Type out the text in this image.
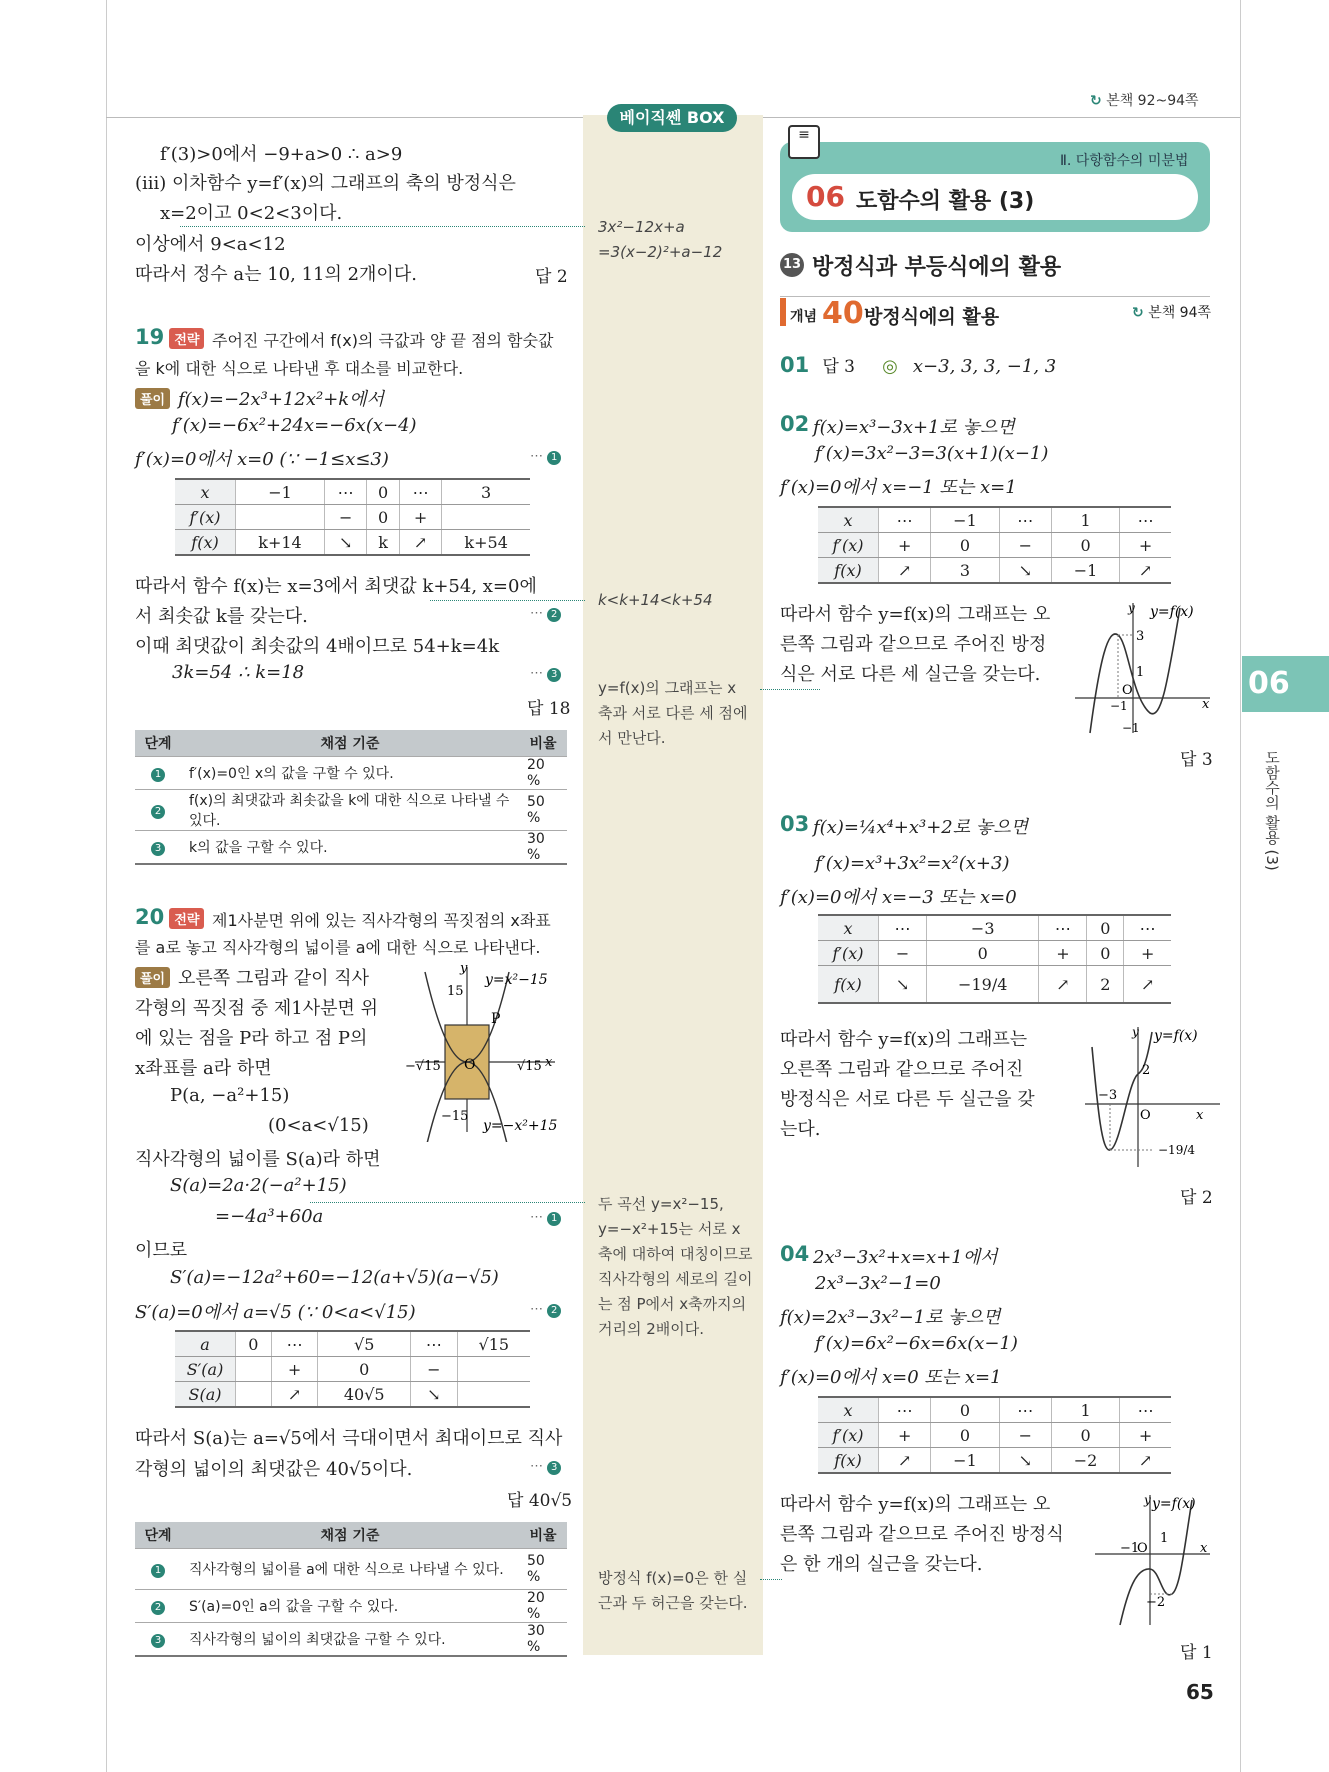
↻ 본책 92~94쪽
베이직쎈 BOX
f′(3)>0에서 −9+a>0 ∴ a>9
(iii) 이차함수 y=f′(x)의 그래프의 축의 방정식은
x=2이고 0<2<3이다.
이상에서 9<a<12
따라서 정수 a는 10, 11의 2개이다.	답 2
19 전략 주어진 구간에서 f(x)의 극값과 양 끝 점의 함숫값
을 k에 대한 식으로 나타낸 후 대소를 비교한다.
풀이 f(x)=−2x³+12x²+k에서
f′(x)=−6x²+24x=−6x(x−4)
f′(x)=0에서 x=0 (∵ −1≤x≤3)	⋯ 1
x	−1	⋯	0	⋯	3
f′(x)		−	0	+	
f(x)	k+14	↘	k	↗	k+54
따라서 함수 f(x)는 x=3에서 최댓값 k+54, x=0에
서 최솟값 k를 갖는다.	⋯ 2
이때 최댓값이 최솟값의 4배이므로 54+k=4k
3k=54 ∴ k=18	⋯ 3
답 18
단계	채점 기준	비율
1	f′(x)=0인 x의 값을 구할 수 있다.	20 %
2	f(x)의 최댓값과 최솟값을 k에 대한 식으로 나타낼 수 있다.	50 %
3	k의 값을 구할 수 있다.	30 %
20 전략 제1사분면 위에 있는 직사각형의 꼭짓점의 x좌표
를 a로 놓고 직사각형의 넓이를 a에 대한 식으로 나타낸다.
풀이 오른쪽 그림과 같이 직사
각형의 꼭짓점 중 제1사분면 위
에 있는 점을 P라 하고 점 P의
x좌표를 a라 하면
P(a, −a²+15)
(0<a<√15)
직사각형의 넓이를 S(a)라 하면
S(a)=2a·2(−a²+15)
=−4a³+60a	⋯ 1
이므로
S′(a)=−12a²+60=−12(a+√5)(a−√5)
S′(a)=0에서 a=√5 (∵ 0<a<√15)	⋯ 2
y
y=x²−15
15
P
−√15 O	√15 x
−15
y=−x²+15
a	0	⋯	√5	⋯	√15
S′(a)		+	0	−	
S(a)		↗	40√5	↘	
따라서 S(a)는 a=√5에서 극대이면서 최대이므로 직사
각형의 넓이의 최댓값은 40√5이다.	⋯ 3
답 40√5
단계	채점 기준	비율
1	직사각형의 넓이를 a에 대한 식으로 나타낼 수 있다.	50 %
2	S′(a)=0인 a의 값을 구할 수 있다.	20 %
3	직사각형의 넓이의 최댓값을 구할 수 있다.	30 %
3x²−12x+a
=3(x−2)²+a−12
k<k+14<k+54
y=f(x)의 그래프는 x
축과 서로 다른 세 점에
서 만난다.
두 곡선 y=x²−15,
y=−x²+15는 서로 x
축에 대하여 대칭이므로
직사각형의 세로의 길이
는 점 P에서 x축까지의
거리의 2배이다.
방정식 f(x)=0은 한 실
근과 두 허근을 갖는다.
≡
Ⅱ. 다항함수의 미분법
06 도함수의 활용 (3)
13 방정식과 부등식에의 활용
개념 40 방정식에의 활용	↻ 본책 94쪽
01 답 3 ◎ x−3, 3, 3, −1, 3
02 f(x)=x³−3x+1로 놓으면
f′(x)=3x²−3=3(x+1)(x−1)
f′(x)=0에서 x=−1 또는 x=1
x	⋯	−1	⋯	1	⋯
f′(x)	+	0	−	0	+
f(x)	↗	3	↘	−1	↗
따라서 함수 y=f(x)의 그래프는 오
른쪽 그림과 같으므로 주어진 방정
식은 서로 다른 세 실근을 갖는다.
y y=f(x)
3
1
O
−1
−1
x
답 3
03 f(x)=¼x⁴+x³+2로 놓으면
f′(x)=x³+3x²=x²(x+3)
f′(x)=0에서 x=−3 또는 x=0
x	⋯	−3	⋯	0	⋯
f′(x)	−	0	+	0	+
f(x)	↘	−19/4	↗	2	↗
따라서 함수 y=f(x)의 그래프는
오른쪽 그림과 같으므로 주어진
방정식은 서로 다른 두 실근을 갖
는다.
y y=f(x)
2
−3
O	x
−19/4
답 2
04 2x³−3x²+x=x+1에서
2x³−3x²−1=0
f(x)=2x³−3x²−1로 놓으면
f′(x)=6x²−6x=6x(x−1)
f′(x)=0에서 x=0 또는 x=1
x	⋯	0	⋯	1	⋯
f′(x)	+	0	−	0	+
f(x)	↗	−1	↘	−2	↗
따라서 함수 y=f(x)의 그래프는 오
른쪽 그림과 같으므로 주어진 방정식
은 한 개의 실근을 갖는다.
y y=f(x)
1
−1
O	x
−2
답 1
06
도함수의 활용 (3)
65
